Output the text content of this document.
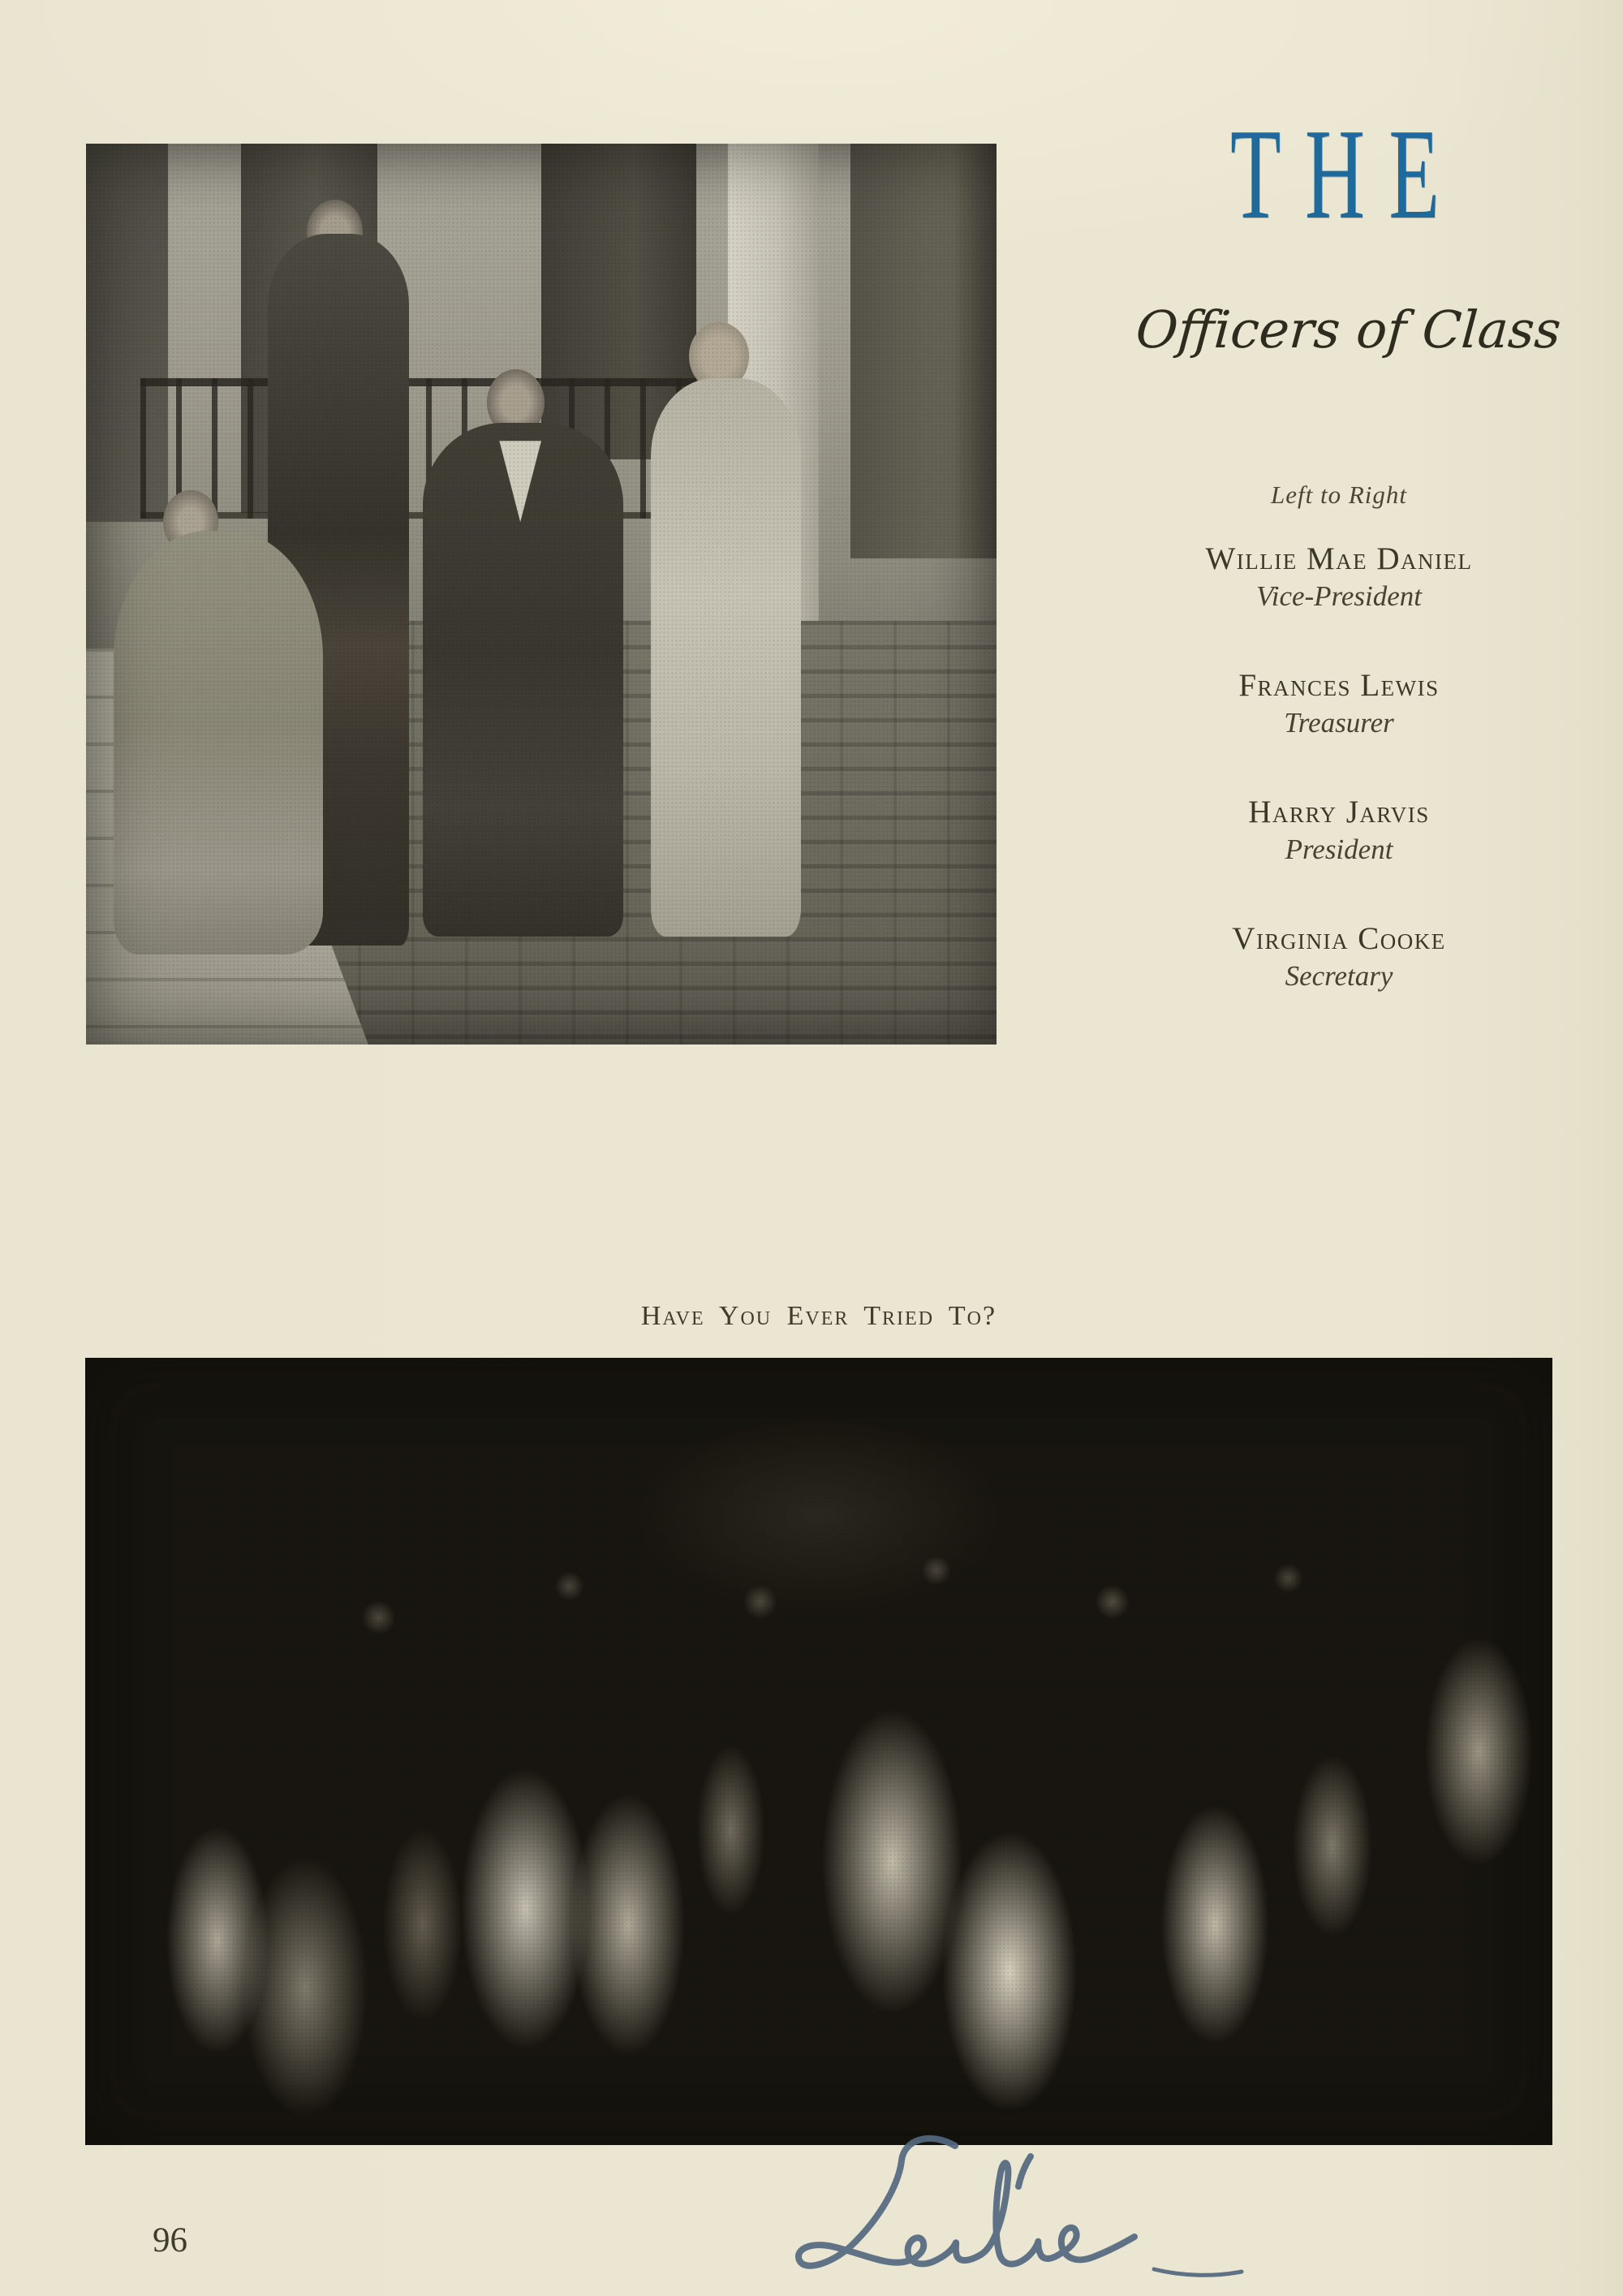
THE
Officers of Class
Left to Right
Willie Mae Daniel
Vice-President
Frances Lewis
Treasurer
Harry Jarvis
President
Virginia Cooke
Secretary
Have You Ever Tried To?
96
